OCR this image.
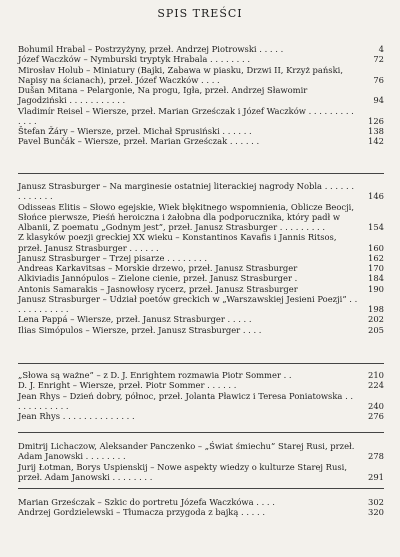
SPIS TREŚCI
Bohumil Hrabal – Postrzyżyny, przeł. Andrzej Piotrowski . . . . .	4
Józef Waczków – Nymburski tryptyk Hrabala . . . . . . . .	72
Mirosłav Holub – Miniatury (Bajki, Zabawa w piasku, Drzwi II, Krzyż pański, Napisy na ścianach), przeł. Józef Waczków . . . .	76
Dušan Mitana – Pelargonie, Na progu, Igła, przeł. Andrzej Sławomir Jagodziński . . . . . . . . . . .	94
Vladimír Reisel – Wiersze, przeł. Marian Grześczak i Józef Waczków . . . . . . . . . . . . .	126
Štefan Žáry – Wiersze, przeł. Michał Sprusiński . . . . . .	138
Pavel Bunčák – Wiersze, przeł. Marian Grześczak . . . . . .	142
Janusz Strasburger – Na marginesie ostatniej literackiej nagrody Nobla . . . . . . . . . . . . .	146
Odisseas Elitis – Słowo egejskie, Wiek błękitnego wspomnienia, Oblicze Beocji, Słońce pierwsze, Pieśń heroiczna i żałobna dla podporucznika, który padł w Albanii, Z poematu „Godnym jest”, przeł. Janusz Strasburger . . . . . . . . .	154
Z klasyków poezji greckiej XX wieku – Konstantinos Kavafis i Jannis Ritsos, przeł. Janusz Strasburger . . . . . .	160
Janusz Strasburger – Trzej pisarze . . . . . . . .	162
Andreas Karkavitsas – Morskie drzewo, przeł. Janusz Strasburger	170
Alkiviadis Jannópulos – Zielone cienie, przeł. Janusz Strasburger .	184
Antonis Samarakis – Jasnowłosy rycerz, przeł. Janusz Strasburger	190
Janusz Strasburger – Udział poetów greckich w „Warszawskiej Jesieni Poezji” . . . . . . . . . . . .	198
Lena Pappá – Wiersze, przeł. Janusz Strasburger . . . . .	202
Ilias Simópulos – Wiersze, przeł. Janusz Strasburger . . . .	205
„Słowa są ważne” – z D. J. Enrightem rozmawia Piotr Sommer . .	210
D. J. Enright – Wiersze, przeł. Piotr Sommer . . . . . .	224
Jean Rhys – Dzień dobry, północ, przeł. Jolanta Pławicz i Teresa Poniatowska . . . . . . . . . . . .	240
Jean Rhys . . . . . . . . . . . . . .	276
Dmitrij Lichaczow, Aleksander Panczenko – „Świat śmiechu” Starej Rusi, przeł. Adam Janowski . . . . . . . .	278
Jurij Łotman, Borys Uspienskij – Nowe aspekty wiedzy o kulturze Starej Rusi, przeł. Adam Janowski . . . . . . . .	291
Marian Grześczak – Szkic do portretu Józefa Waczkówa . . . .	302
Andrzej Gordzielewski – Tłumacza przygoda z bajką . . . . .	320
